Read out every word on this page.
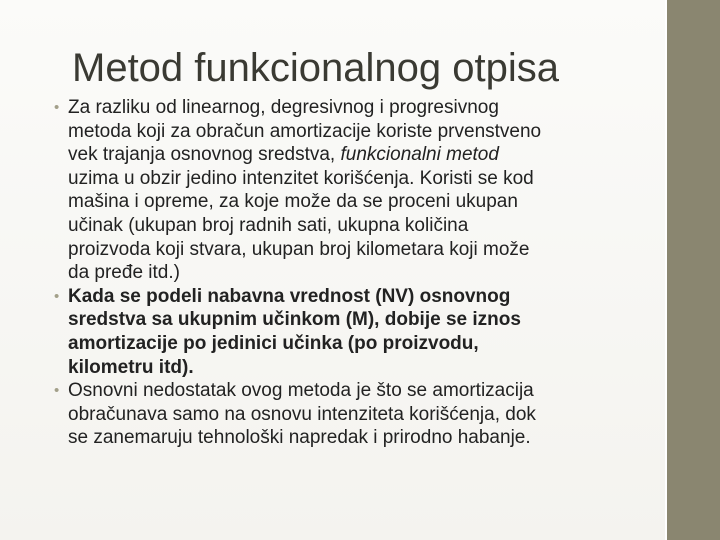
Metod funkcionalnog otpisa
• Za razliku od linearnog, degresivnog i progresivnog
metoda koji za obračun amortizacije koriste prvenstveno
vek trajanja osnovnog sredstva, funkcionalni metod
uzima u obzir jedino intenzitet korišćenja. Koristi se kod
mašina i opreme, za koje može da se proceni ukupan
učinak (ukupan broj radnih sati, ukupna količina
proizvoda koji stvara, ukupan broj kilometara koji može
da pređe itd.)
• Kada se podeli nabavna vrednost (NV) osnovnog
sredstva sa ukupnim učinkom (M), dobije se iznos
amortizacije po jedinici učinka (po proizvodu,
kilometru itd).
• Osnovni nedostatak ovog metoda je što se amortizacija
obračunava samo na osnovu intenziteta korišćenja, dok
se zanemaruju tehnološki napredak i prirodno habanje.
